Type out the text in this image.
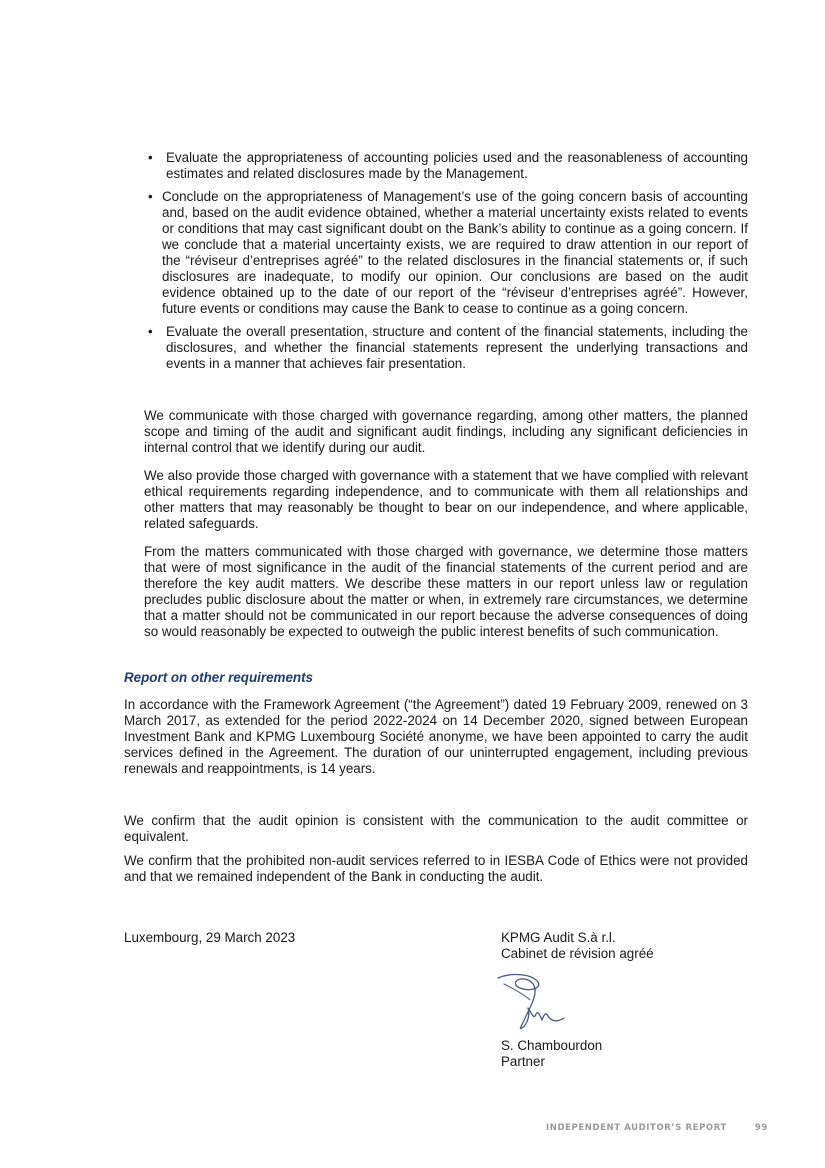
• Evaluate the appropriateness of accounting policies used and the reasonableness of accounting estimates and related disclosures made by the Management.
• Conclude on the appropriateness of Management’s use of the going concern basis of accounting and, based on the audit evidence obtained, whether a material uncertainty exists related to events or conditions that may cast significant doubt on the Bank’s ability to continue as a going concern. If we conclude that a material uncertainty exists, we are required to draw attention in our report of the “réviseur d’entreprises agréé” to the related disclosures in the financial statements or, if such disclosures are inadequate, to modify our opinion. Our conclusions are based on the audit evidence obtained up to the date of our report of the “réviseur d’entreprises agréé”. However, future events or conditions may cause the Bank to cease to continue as a going concern.
• Evaluate the overall presentation, structure and content of the financial statements, including the disclosures, and whether the financial statements represent the underlying transactions and events in a manner that achieves fair presentation.

We communicate with those charged with governance regarding, among other matters, the planned scope and timing of the audit and significant audit findings, including any significant deficiencies in internal control that we identify during our audit.

We also provide those charged with governance with a statement that we have complied with relevant ethical requirements regarding independence, and to communicate with them all relationships and other matters that may reasonably be thought to bear on our independence, and where applicable, related safeguards.

From the matters communicated with those charged with governance, we determine those matters that were of most significance in the audit of the financial statements of the current period and are therefore the key audit matters. We describe these matters in our report unless law or regulation precludes public disclosure about the matter or when, in extremely rare circumstances, we determine that a matter should not be communicated in our report because the adverse consequences of doing so would reasonably be expected to outweigh the public interest benefits of such communication.

Report on other requirements

In accordance with the Framework Agreement (“the Agreement”) dated 19 February 2009, renewed on 3 March 2017, as extended for the period 2022-2024 on 14 December 2020, signed between European Investment Bank and KPMG Luxembourg Société anonyme, we have been appointed to carry the audit services defined in the Agreement. The duration of our uninterrupted engagement, including previous renewals and reappointments, is 14 years.

We confirm that the audit opinion is consistent with the communication to the audit committee or equivalent.

We confirm that the prohibited non-audit services referred to in IESBA Code of Ethics were not provided and that we remained independent of the Bank in conducting the audit.

Luxembourg, 29 March 2023	KPMG Audit S.à r.l.
Cabinet de révision agréé
S. Chambourdon
Partner
INDEPENDENT AUDITOR’S REPORT	99
